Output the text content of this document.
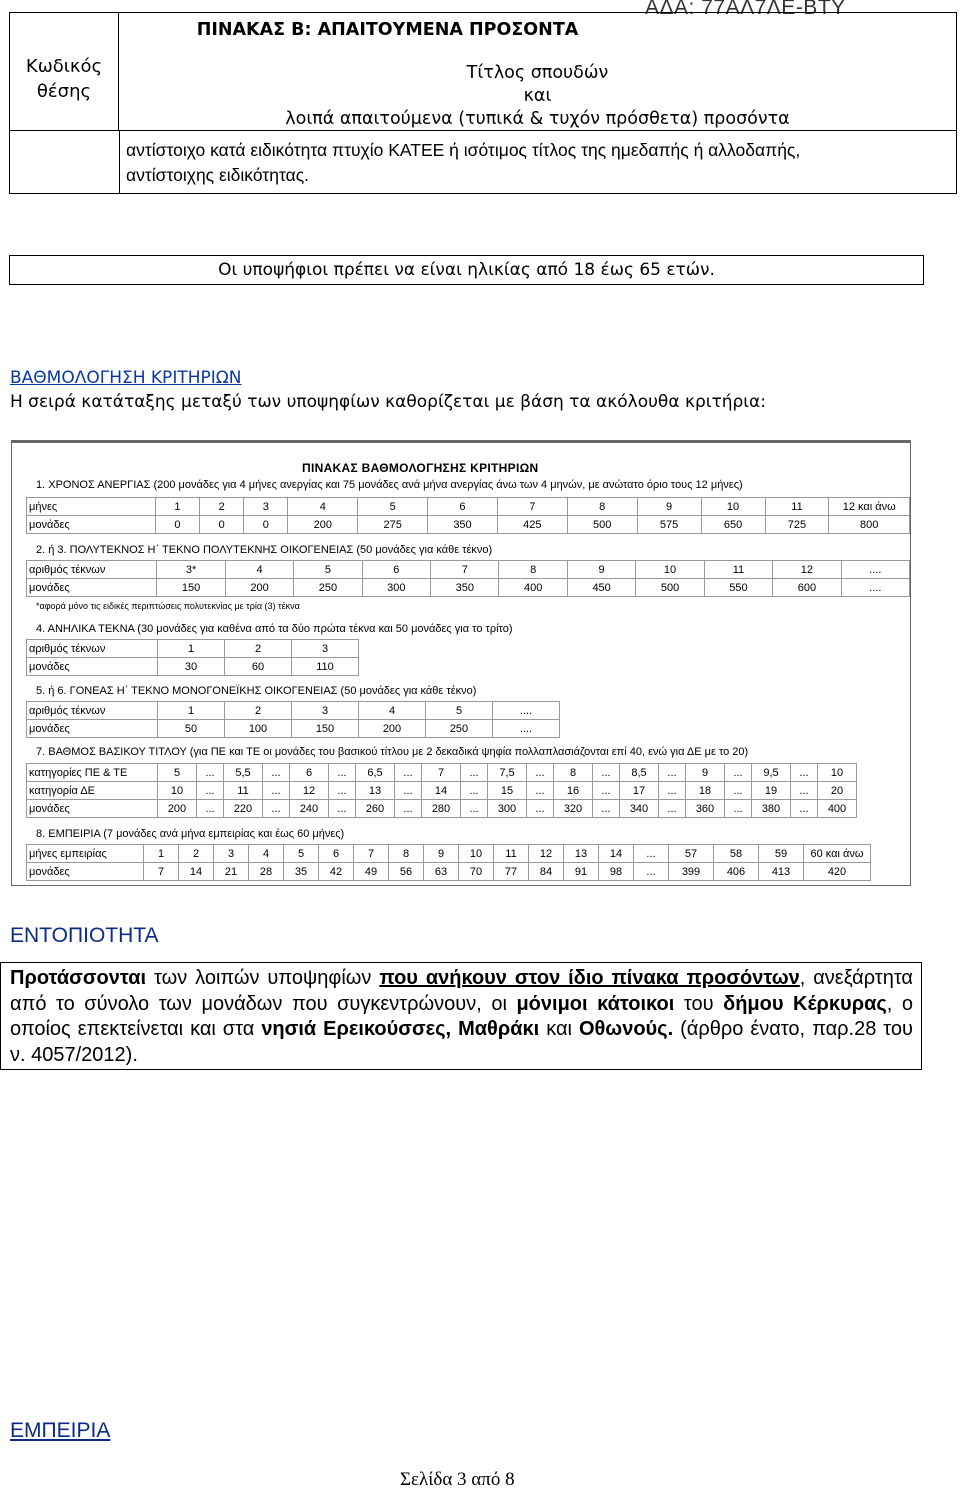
ΑΔΑ: 77ΑΛ7ΛΕ-ΒΤΥ
Κωδικός
θέσης
ΠΙΝΑΚΑΣ Β: ΑΠΑΙΤΟΥΜΕΝΑ ΠΡΟΣΟΝΤΑ
Τίτλος σπουδών
και
λοιπά απαιτούμενα (τυπικά & τυχόν πρόσθετα) προσόντα
αντίστοιχο κατά ειδικότητα πτυχίο ΚΑΤΕΕ ή ισότιμος τίτλος της ημεδαπής ή αλλοδαπής,
αντίστοιχης ειδικότητας.
Οι υποψήφιοι πρέπει να είναι ηλικίας από 18 έως 65 ετών.
ΒΑΘΜΟΛΟΓΗΣΗ ΚΡΙΤΗΡΙΩΝ
Η σειρά κατάταξης μεταξύ των υποψηφίων καθορίζεται με βάση τα ακόλουθα κριτήρια:
ΠΙΝΑΚΑΣ ΒΑΘΜΟΛΟΓΗΣΗΣ ΚΡΙΤΗΡΙΩΝ
1. ΧΡΟΝΟΣ ΑΝΕΡΓΙΑΣ (200 μονάδες για 4 μήνες ανεργίας και 75 μονάδες ανά μήνα ανεργίας άνω των 4 μηνών, με ανώτατο όριο τους 12 μήνες)
μήνες	1	2	3	4	5	6	7	8	9	10	11	12 και άνω
μονάδες	0	0	0	200	275	350	425	500	575	650	725	800
2. ή 3. ΠΟΛΥΤΕΚΝΟΣ Η΄ ΤΕΚΝΟ ΠΟΛΥΤΕΚΝΗΣ ΟΙΚΟΓΕΝΕΙΑΣ (50 μονάδες για κάθε τέκνο)
αριθμός τέκνων	3*	4	5	6	7	8	9	10	11	12	....
μονάδες	150	200	250	300	350	400	450	500	550	600	....
*αφορά μόνο τις ειδικές περιπτώσεις πολυτεκνίας με τρία (3) τέκνα
4. ΑΝΗΛΙΚΑ ΤΕΚΝΑ (30 μονάδες για καθένα από τα δύο πρώτα τέκνα και 50 μονάδες για το τρίτο)
αριθμός τέκνων	1	2	3
μονάδες	30	60	110
5. ή 6. ΓΟΝΕΑΣ Η΄ ΤΕΚΝΟ ΜΟΝΟΓΟΝΕΪΚΗΣ ΟΙΚΟΓΕΝΕΙΑΣ (50 μονάδες για κάθε τέκνο)
αριθμός τέκνων	1	2	3	4	5	....
μονάδες	50	100	150	200	250	....
7. ΒΑΘΜΟΣ ΒΑΣΙΚΟΥ ΤΙΤΛΟΥ (για ΠΕ και ΤΕ οι μονάδες του βασικού τίτλου με 2 δεκαδικά ψηφία πολλαπλασιάζονται επί 40, ενώ για ΔΕ με το 20)
κατηγορίες ΠΕ & ΤΕ	5	...	5,5	...	6	...	6,5	...	7	...	7,5	...	8	...	8,5	...	9	...	9,5	...	10
κατηγορία ΔΕ	10	...	11	...	12	...	13	...	14	...	15	...	16	...	17	...	18	...	19	...	20
μονάδες	200	...	220	...	240	...	260	...	280	...	300	...	320	...	340	...	360	...	380	...	400
8. ΕΜΠΕΙΡΙΑ (7 μονάδες ανά μήνα εμπειρίας και έως 60 μήνες)
μήνες εμπειρίας	1	2	3	4	5	6	7	8	9	10	11	12	13	14	...	57	58	59	60 και άνω
μονάδες	7	14	21	28	35	42	49	56	63	70	77	84	91	98	...	399	406	413	420
ΕΝΤΟΠΙΟΤΗΤΑ
Προτάσσονται των λοιπών υποψηφίων που ανήκουν στον ίδιο πίνακα προσόντων, ανεξάρτητα από το σύνολο των μονάδων που συγκεντρώνουν, οι μόνιμοι κάτοικοι του δήμου Κέρκυρας, ο οποίος επεκτείνεται και στα νησιά Ερεικούσσες, Μαθράκι και Οθωνούς. (άρθρο ένατο, παρ.28 του ν. 4057/2012).
ΕΜΠΕΙΡΙΑ
Σελίδα 3 από 8
